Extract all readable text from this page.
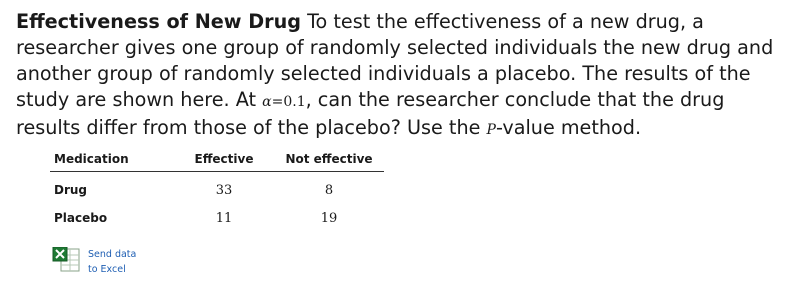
Effectiveness of New Drug To test the effectiveness of a new drug, a researcher gives one group of randomly selected individuals the new drug and another group of randomly selected individuals a placebo. The results of the study are shown here. At α=0.1, can the researcher conclude that the drug results differ from those of the placebo? Use the P-value method.
Medication	Effective	Not effective
Drug	33	8
Placebo	11	19
Send data
to Excel
